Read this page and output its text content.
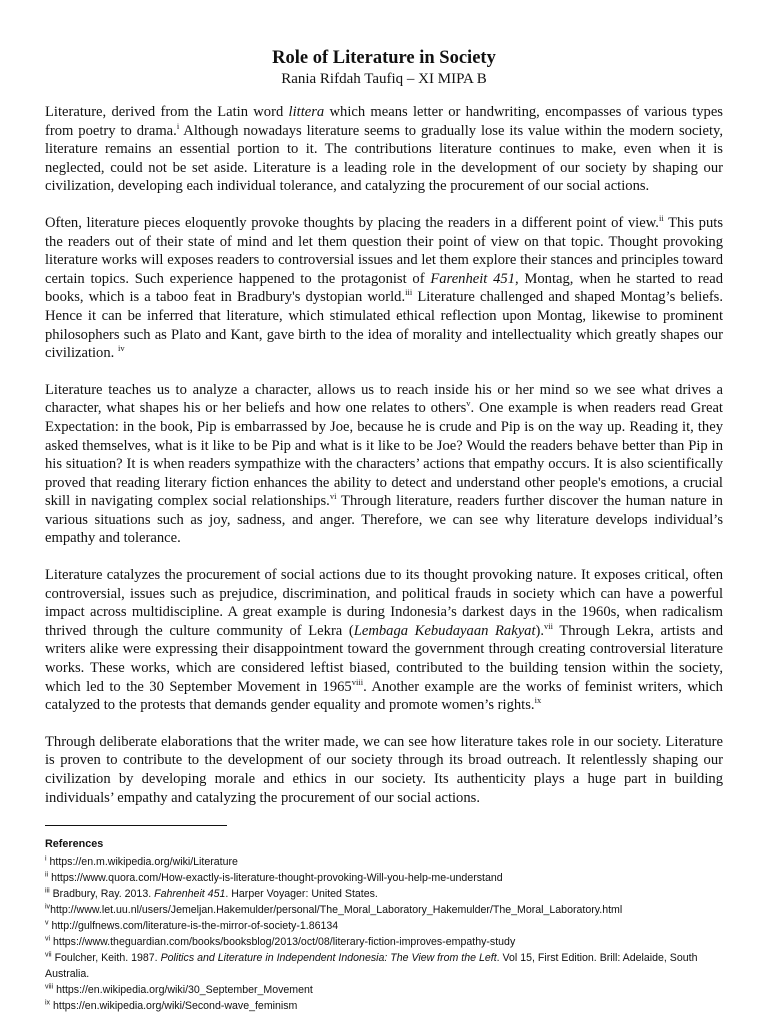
Role of Literature in Society

Rania Rifdah Taufiq – XI MIPA B

Literature, derived from the Latin word littera which means letter or handwriting, encompasses of various types from poetry to drama.$^i$ Although nowadays literature seems to gradually lose its value within the modern society, literature remains an essential portion to it. The contributions literature continues to make, even when it is neglected, could not be set aside. Literature is a leading role in the development of our society by shaping our civilization, developing each individual tolerance, and catalyzing the procurement of our social actions.

Often, literature pieces eloquently provoke thoughts by placing the readers in a different point of view.$^{ii}$ This puts the readers out of their state of mind and let them question their point of view on that topic. Thought provoking literature works will exposes readers to controversial issues and let them explore their stances and principles toward certain topics. Such experience happened to the protagonist of Farenheit 451, Montag, when he started to read books, which is a taboo feat in Bradbury's dystopian world.$^{iii}$ Literature challenged and shaped Montag’s beliefs. Hence it can be inferred that literature, which stimulated ethical reflection upon Montag, likewise to prominent philosophers such as Plato and Kant, gave birth to the idea of morality and intellectuality which greatly shapes our civilization. $^{iv}$

Literature teaches us to analyze a character, allows us to reach inside his or her mind so we see what drives a character, what shapes his or her beliefs and how one relates to others$^v$. One example is when readers read Great Expectation: in the book, Pip is embarrassed by Joe, because he is crude and Pip is on the way up. Reading it, they asked themselves, what is it like to be Pip and what is it like to be Joe? Would the readers behave better than Pip in his situation? It is when readers sympathize with the characters’ actions that empathy occurs. It is also scientifically proved that reading literary fiction enhances the ability to detect and understand other people's emotions, a crucial skill in navigating complex social relationships.$^{vi}$ Through literature, readers further discover the human nature in various situations such as joy, sadness, and anger. Therefore, we can see why literature develops individual’s empathy and tolerance.

Literature catalyzes the procurement of social actions due to its thought provoking nature. It exposes critical, often controversial, issues such as prejudice, discrimination, and political frauds in society which can have a powerful impact across multidiscipline. A great example is during Indonesia’s darkest days in the 1960s, when radicalism thrived through the culture community of Lekra (Lembaga Kebudayaan Rakyat).$^{vii}$ Through Lekra, artists and writers alike were expressing their disappointment toward the government through creating controversial literature works. These works, which are considered leftist biased, contributed to the building tension within the society, which led to the 30 September Movement in 1965$^{viii}$. Another example are the works of feminist writers, which catalyzed to the protests that demands gender equality and promote women’s rights.$^{ix}$

Through deliberate elaborations that the writer made, we can see how literature takes role in our society. Literature is proven to contribute to the development of our society through its broad outreach. It relentlessly shaping our civilization by developing morale and ethics in our society. Its authenticity plays a huge part in building individuals’ empathy and catalyzing the procurement of our social actions.

References

$^i$ https://en.m.wikipedia.org/wiki/Literature

$^{ii}$ https://www.quora.com/How-exactly-is-literature-thought-provoking-Will-you-help-me-understand

$^{iii}$ Bradbury, Ray. 2013. Fahrenheit 451. Harper Voyager: United States.

$^{iv}$http://www.let.uu.nl/users/Jemeljan.Hakemulder/personal/The_Moral_Laboratory_Hakemulder/The_Moral_Laboratory.html

$^v$ http://gulfnews.com/literature-is-the-mirror-of-society-1.86134

$^{vi}$ https://www.theguardian.com/books/booksblog/2013/oct/08/literary-fiction-improves-empathy-study

$^{vii}$ Foulcher, Keith. 1987. Politics and Literature in Independent Indonesia: The View from the Left. Vol 15, First Edition. Brill: Adelaide, South Australia.

$^{viii}$ https://en.wikipedia.org/wiki/30_September_Movement

$^{ix}$ https://en.wikipedia.org/wiki/Second-wave_feminism
